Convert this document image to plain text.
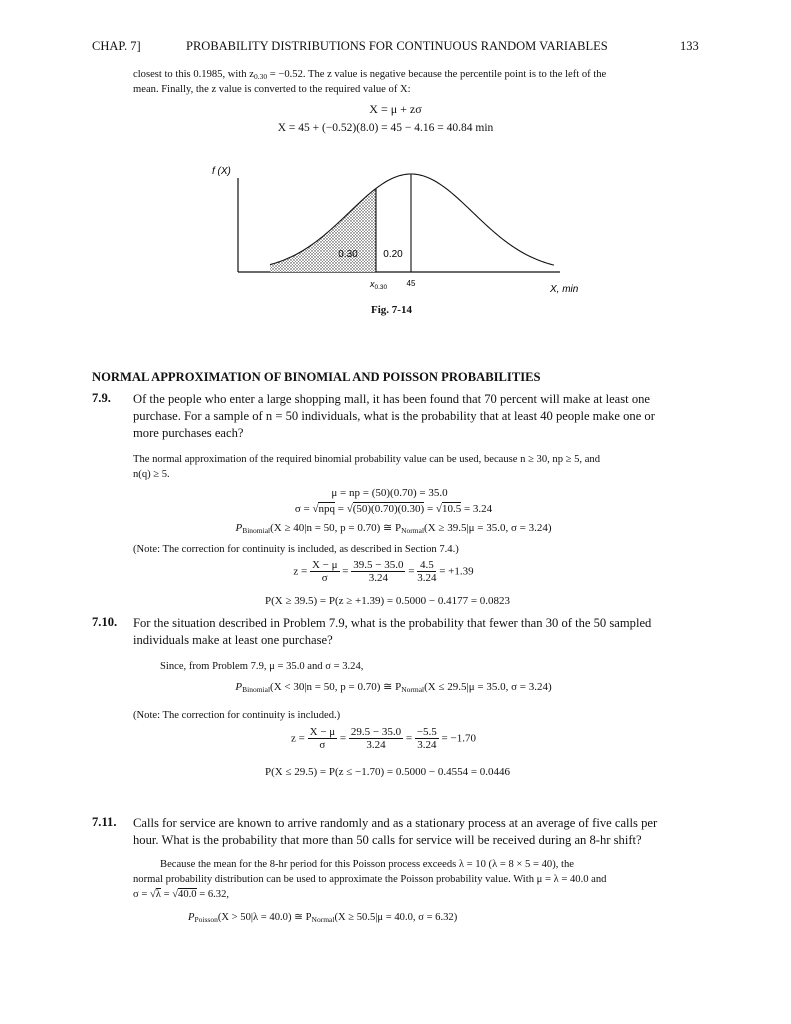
CHAP. 7]	PROBABILITY DISTRIBUTIONS FOR CONTINUOUS RANDOM VARIABLES	133
closest to this 0.1985, with $z_{0.30} = -0.52$. The z value is negative because the percentile point is to the left of the
mean. Finally, the z value is converted to the required value of X:
X = μ + zσ
X = 45 + (−0.52)(8.0) = 45 − 4.16 = 40.84 min
0.30	0.20
f (X)
$x_{0.30}$ 45
X, min
Fig. 7-14
NORMAL APPROXIMATION OF BINOMIAL AND POISSON PROBABILITIES
7.9. Of the people who enter a large shopping mall, it has been found that 70 percent will make at least one
purchase. For a sample of n = 50 individuals, what is the probability that at least 40 people make one or
more purchases each?
The normal approximation of the required binomial probability value can be used, because n ≥ 30, np ≥ 5, and
n(q) ≥ 5.
μ = np = (50)(0.70) = 35.0
σ = √npq = √(50)(0.70)(0.30) = √10.5 = 3.24
$P_{Binomial}(X \ge 40|n = 50$, p = 0.70) ≅ $P_{Normal}(X \ge 39.5|\mu = 35.0$, σ = 3.24)
(Note: The correction for continuity is included, as described in Section 7.4.)
$z = \frac{X - \mu}{\sigma} = \frac{39.5 - 35.0}{3.24} = \frac{4.5}{3.24} = +1.39$
P(X ≥ 39.5) = P(z ≥ +1.39) = 0.5000 − 0.4177 = 0.0823
7.10. For the situation described in Problem 7.9, what is the probability that fewer than 30 of the 50 sampled
individuals make at least one purchase?
Since, from Problem 7.9, μ = 35.0 and σ = 3.24,
$P_{Binomial}(X < 30|n = 50$, p = 0.70) ≅ $P_{Normal}(X \le 29.5|\mu = 35.0$, σ = 3.24)
(Note: The correction for continuity is included.)
$z = \frac{X - \mu}{\sigma} = \frac{29.5 - 35.0}{3.24} = \frac{-5.5}{3.24} = -1.70$
P(X ≤ 29.5) = P(z ≤ −1.70) = 0.5000 − 0.4554 = 0.0446
7.11. Calls for service are known to arrive randomly and as a stationary process at an average of five calls per
hour. What is the probability that more than 50 calls for service will be received during an 8-hr shift?
Because the mean for the 8-hr period for this Poisson process exceeds λ = 10 (λ = 8 × 5 = 40), the
normal probability distribution can be used to approximate the Poisson probability value. With μ = λ = 40.0 and
σ = √λ = √40.0 = 6.32,
$P_{Poisson}(X > 50|\lambda = 40.0)$ ≅ $P_{Normal}(X \ge 50.5|\mu = 40.0$, σ = 6.32)
